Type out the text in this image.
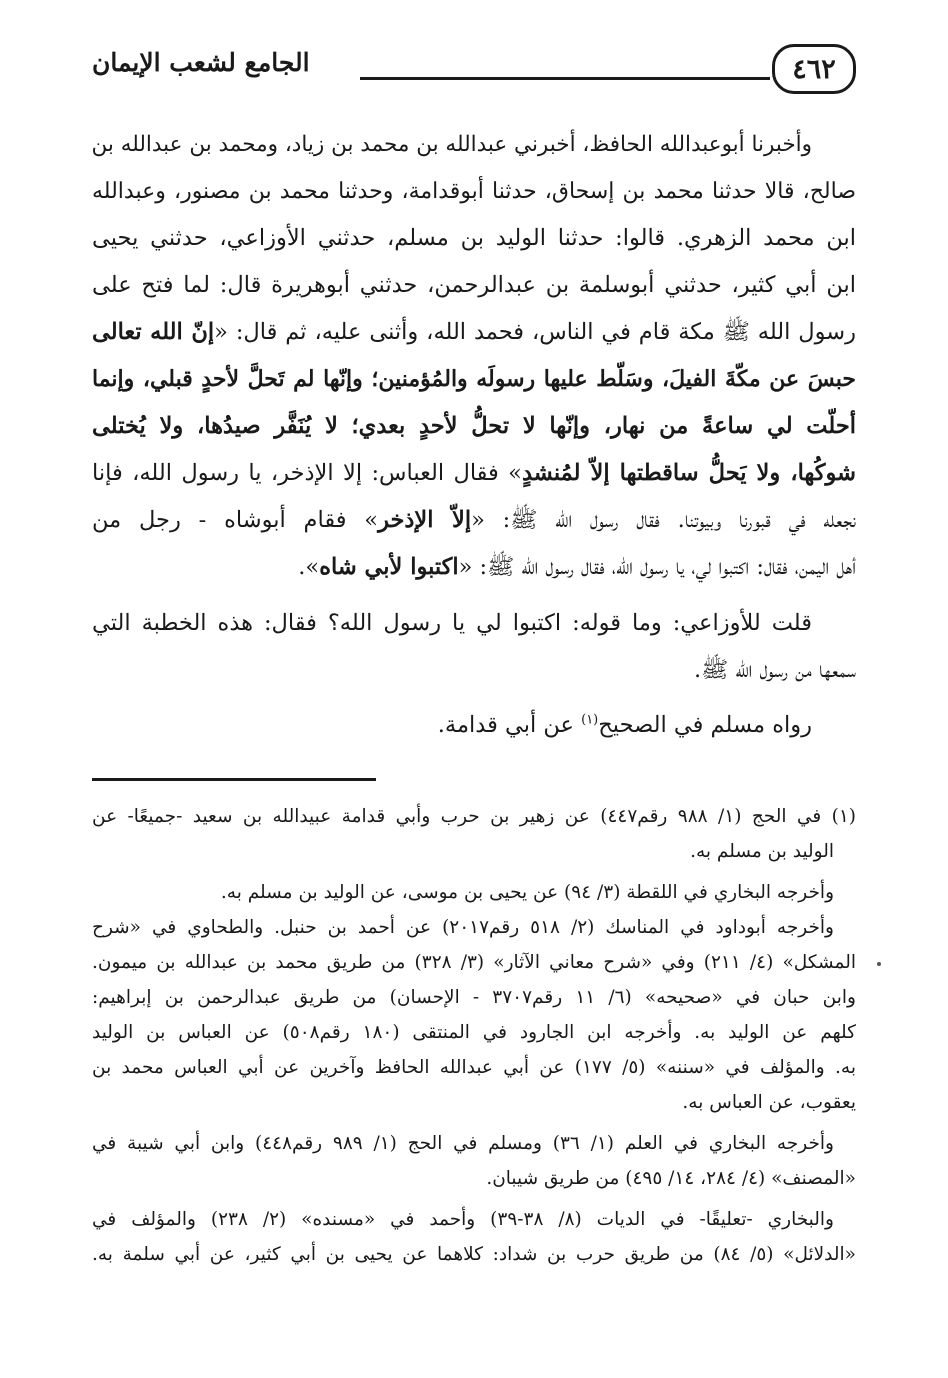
٤٦٢
الجامع لشعب الإيمان
وأخبرنا أبوعبدالله الحافظ، أخبرني عبدالله بن محمد بن زياد، ومحمد بن عبدالله بن
صالح، قالا حدثنا محمد بن إسحاق، حدثنا أبوقدامة، وحدثنا محمد بن مصنور، وعبدالله
ابن محمد الزهري. قالوا: حدثنا الوليد بن مسلم، حدثني الأوزاعي، حدثني يحيى
ابن أبي كثير، حدثني أبوسلمة بن عبدالرحمن، حدثني أبوهريرة قال: لما فتح على
رسول الله ﷺ مكة قام في الناس، فحمد الله، وأثنى عليه، ثم قال: «إنّ الله تعالى
حبسَ عن مكّةَ الفيلَ، وسَلّط عليها رسولَه والمُؤمنين؛ وإنّها لم تَحلَّ لأحدٍ قبلي، وإنما
أحلّت لي ساعةً من نهار، وإنّها لا تحلُّ لأحدٍ بعدي؛ لا يُنَفَّر صيدُها، ولا يُختلى
شوكُها، ولا يَحلُّ ساقطتها إلاّ لمُنشدٍ» فقال العباس: إلا الإذخر، يا رسول الله، فإنا
نجعله في قبورنا وبيوتنا. فقال رسول الله ﷺ: «إلاّ الإذخر» فقام أبوشاه - رجل من
أهل اليمن، فقال: اكتبوا لي، يا رسول الله، فقال رسول الله ﷺ: «اكتبوا لأبي شاه».
قلت للأوزاعي: وما قوله: اكتبوا لي يا رسول الله؟ فقال: هذه الخطبة التي
سمعها من رسول الله ﷺ.
رواه مسلم في الصحيح$^{(١)}$ عن أبي قدامة.
(١) في الحج (١/ ٩٨٨ رقم٤٤٧) عن زهير بن حرب وأبي قدامة عبيدالله بن سعيد -جميعًا- عن
الوليد بن مسلم به.
وأخرجه البخاري في اللقطة (٣/ ٩٤) عن يحيى بن موسى، عن الوليد بن مسلم به.
وأخرجه أبوداود في المناسك (٢/ ٥١٨ رقم٢٠١٧) عن أحمد بن حنبل. والطحاوي في «شرح
المشكل» (٤/ ٢١١) وفي «شرح معاني الآثار» (٣/ ٣٢٨) من طريق محمد بن عبدالله بن ميمون.
وابن حبان في «صحيحه» (٦/ ١١ رقم٣٧٠٧ - الإحسان) من طريق عبدالرحمن بن إبراهيم:
كلهم عن الوليد به. وأخرجه ابن الجارود في المنتقى (١٨٠ رقم٥٠٨) عن العباس بن الوليد
به. والمؤلف في «سننه» (٥/ ١٧٧) عن أبي عبدالله الحافظ وآخرين عن أبي العباس محمد بن
يعقوب، عن العباس به.
وأخرجه البخاري في العلم (١/ ٣٦) ومسلم في الحج (١/ ٩٨٩ رقم٤٤٨) وابن أبي شيبة في
«المصنف» (٤/ ٢٨٤، ١٤/ ٤٩٥) من طريق شيبان.
والبخاري -تعليقًا- في الديات (٨/ ٣٨-٣٩) وأحمد في «مسنده» (٢/ ٢٣٨) والمؤلف في
«الدلائل» (٥/ ٨٤) من طريق حرب بن شداد: كلاهما عن يحيى بن أبي كثير، عن أبي سلمة به.
